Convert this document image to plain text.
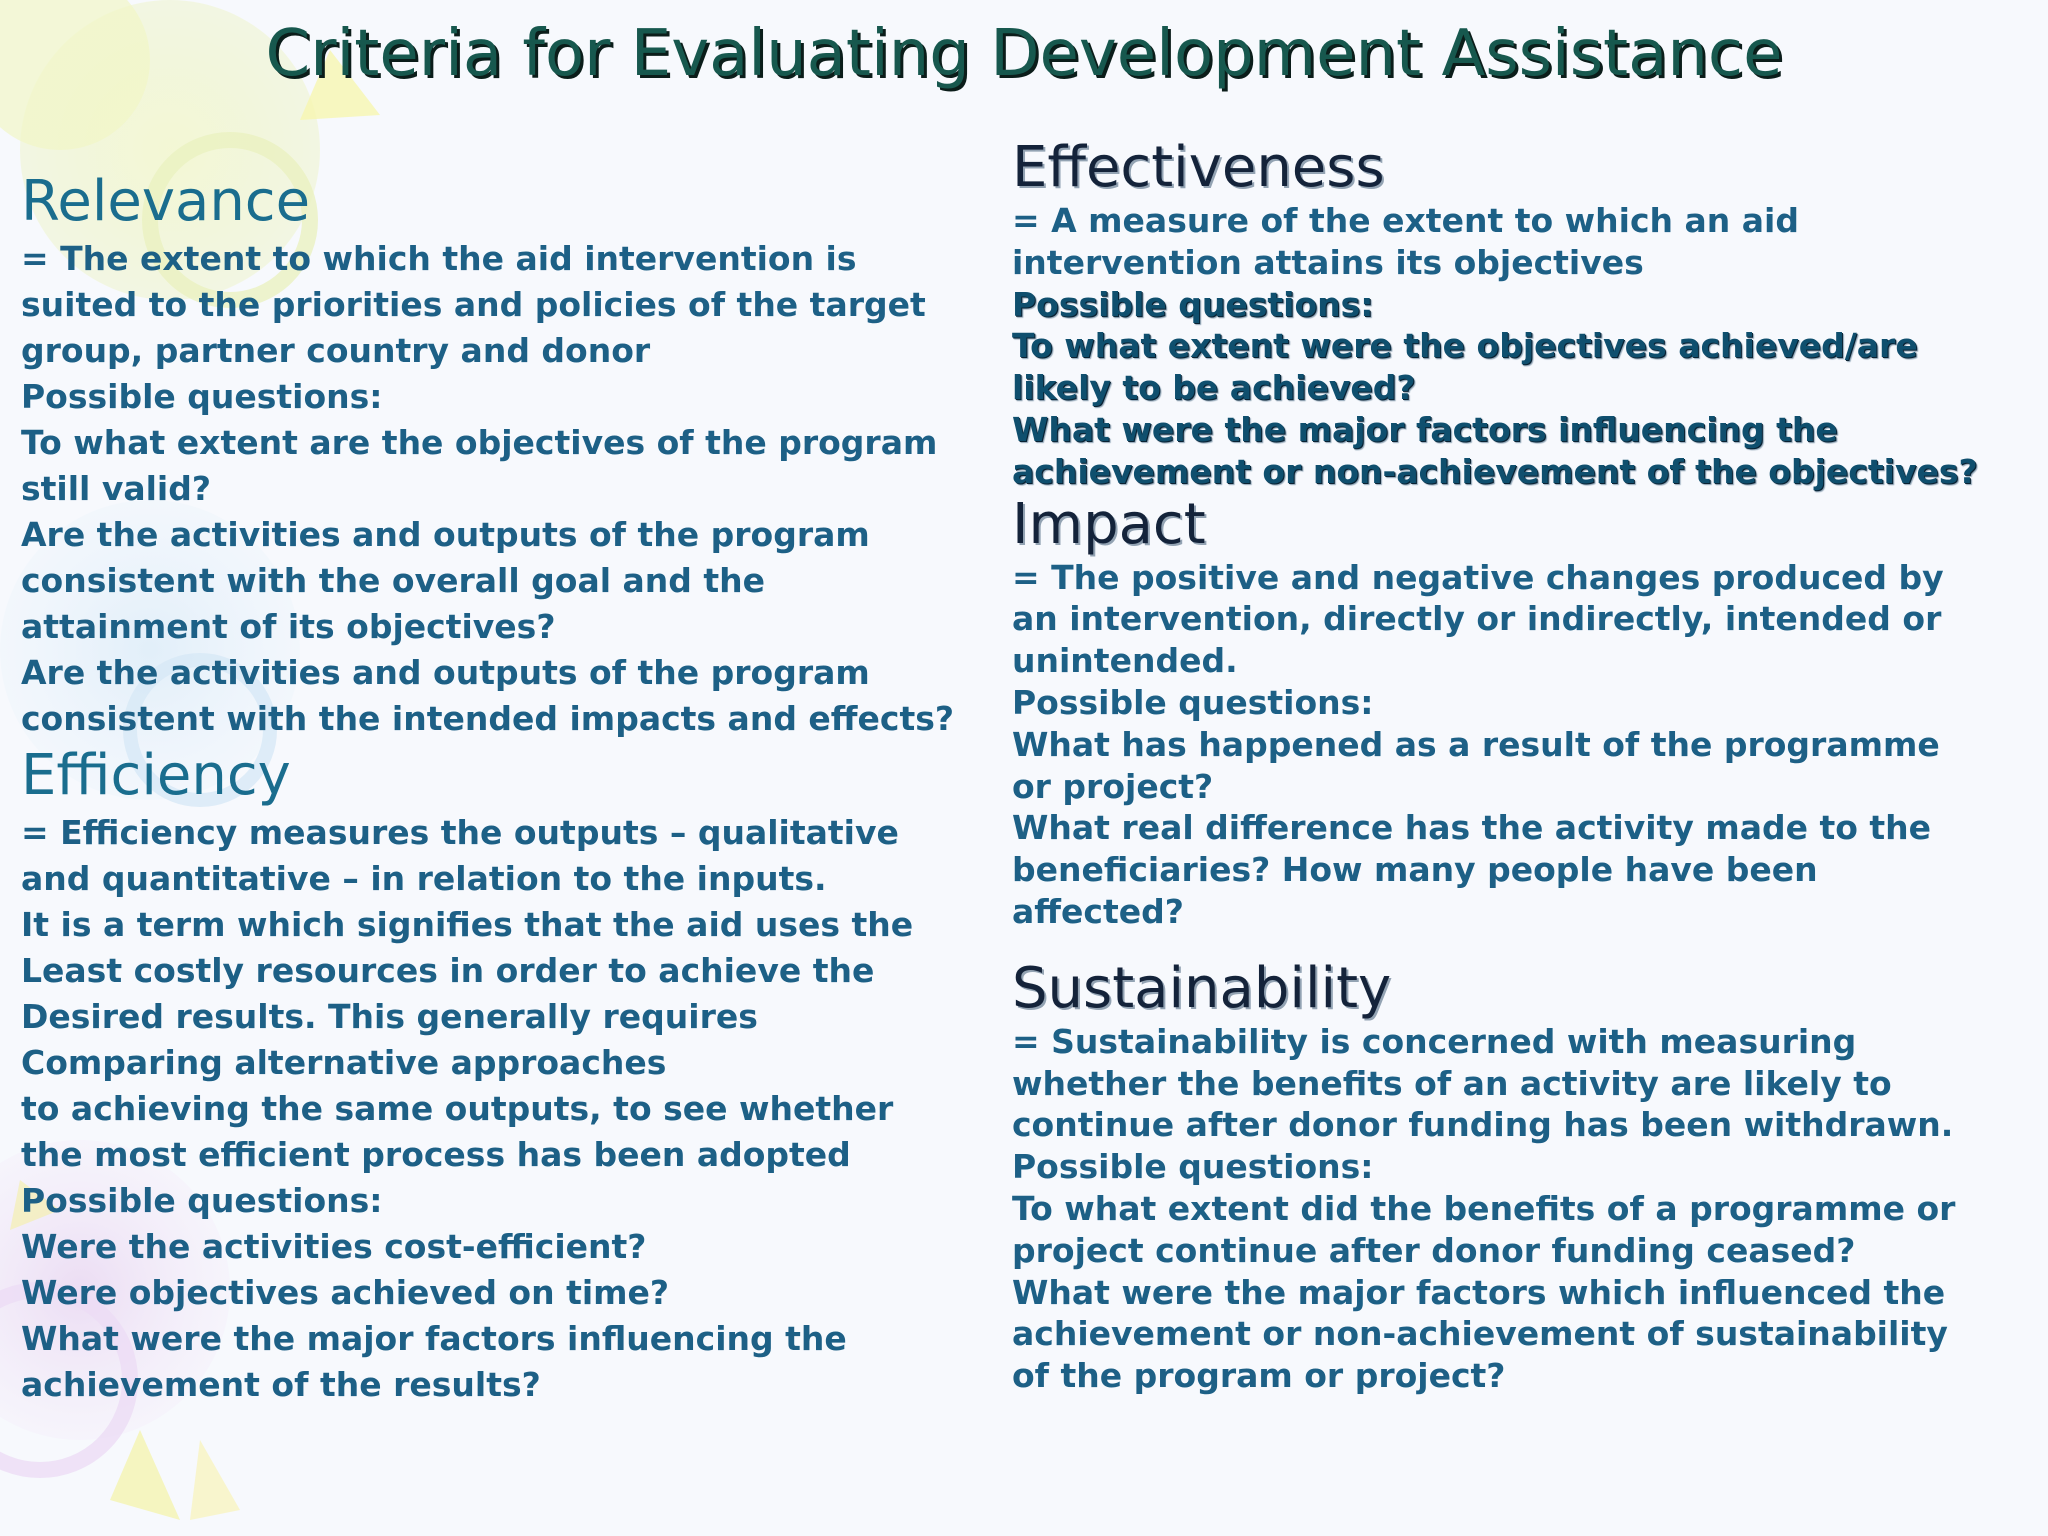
Criteria for Evaluating Development Assistance
Relevance
= The extent to which the aid intervention is
suited to the priorities and policies of the target
group, partner country and donor
Possible questions:
To what extent are the objectives of the program
still valid?
Are the activities and outputs of the program
consistent with the overall goal and the
attainment of its objectives?
Are the activities and outputs of the program
consistent with the intended impacts and effects?
Efficiency
= Efficiency measures the outputs – qualitative
and quantitative – in relation to the inputs.
It is a term which signifies that the aid uses the
Least costly resources in order to achieve the
Desired results. This generally requires
Comparing alternative approaches
to achieving the same outputs, to see whether
the most efficient process has been adopted
Possible questions:
Were the activities cost-efficient?
Were objectives achieved on time?
What were the major factors influencing the
achievement of the results?
Effectiveness
= A measure of the extent to which an aid
intervention attains its objectives
Possible questions:
To what extent were the objectives achieved/are
likely to be achieved?
What were the major factors influencing the
achievement or non-achievement of the objectives?
Impact
= The positive and negative changes produced by
an intervention, directly or indirectly, intended or
unintended.
Possible questions:
What has happened as a result of the programme
or project?
What real difference has the activity made to the
beneficiaries? How many people have been
affected?
Sustainability
= Sustainability is concerned with measuring
whether the benefits of an activity are likely to
continue after donor funding has been withdrawn.
Possible questions:
To what extent did the benefits of a programme or
project continue after donor funding ceased?
What were the major factors which influenced the
achievement or non-achievement of sustainability
of the program or project?
